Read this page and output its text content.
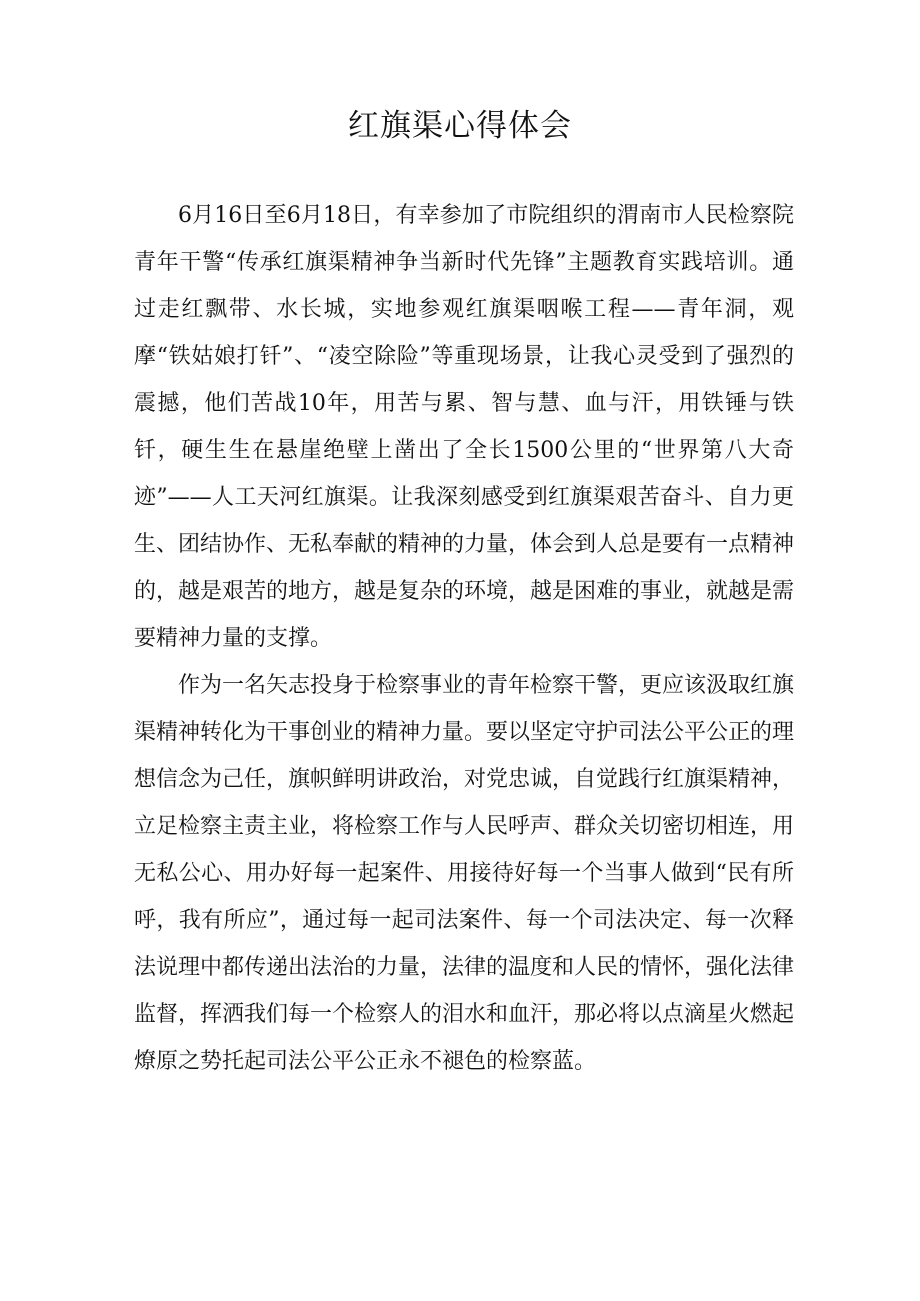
红旗渠心得体会

6月16日至6月18日，有幸参加了市院组织的渭南市人民检察院青年干警“传承红旗渠精神争当新时代先锋”主题教育实践培训。通过走红飘带、水长城，实地参观红旗渠咽喉工程——青年洞，观摩“铁姑娘打钎”、“凌空除险”等重现场景，让我心灵受到了强烈的震撼，他们苦战10年，用苦与累、智与慧、血与汗，用铁锤与铁钎，硬生生在悬崖绝壁上凿出了全长1500公里的“世界第八大奇迹”——人工天河红旗渠。让我深刻感受到红旗渠艰苦奋斗、自力更生、团结协作、无私奉献的精神的力量，体会到人总是要有一点精神的，越是艰苦的地方，越是复杂的环境，越是困难的事业，就越是需要精神力量的支撑。

作为一名矢志投身于检察事业的青年检察干警，更应该汲取红旗渠精神转化为干事创业的精神力量。要以坚定守护司法公平公正的理想信念为己任，旗帜鲜明讲政治，对党忠诚，自觉践行红旗渠精神，立足检察主责主业，将检察工作与人民呼声、群众关切密切相连，用无私公心、用办好每一起案件、用接待好每一个当事人做到“民有所呼，我有所应”，通过每一起司法案件、每一个司法决定、每一次释法说理中都传递出法治的力量，法律的温度和人民的情怀，强化法律监督，挥洒我们每一个检察人的泪水和血汗，那必将以点滴星火燃起燎原之势托起司法公平公正永不褪色的检察蓝。
